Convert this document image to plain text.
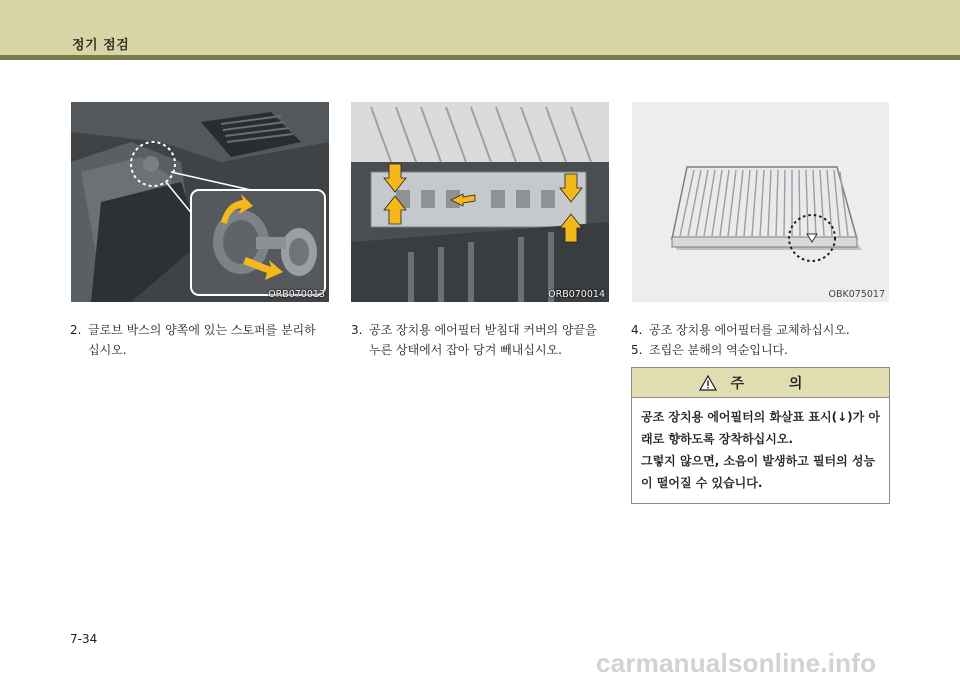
정기 점검
ORB070013	ORB070014	OBK075017
2. 글로브 박스의 양쪽에 있는 스토퍼를 분리하
십시오.
3. 공조 장치용 에어필터 받침대 커버의 양끝을
누른 상태에서 잡아 당겨 빼내십시오.
4. 공조 장치용 에어필터를 교체하십시오.
5. 조립은 분해의 역순입니다.
주 의
공조 장치용 에어필터의 화살표 표시(↓)가 아
래로 향하도록 장착하십시오.
그렇지 않으면, 소음이 발생하고 필터의 성능
이 떨어질 수 있습니다.
7-34
carmanualsonline.info
